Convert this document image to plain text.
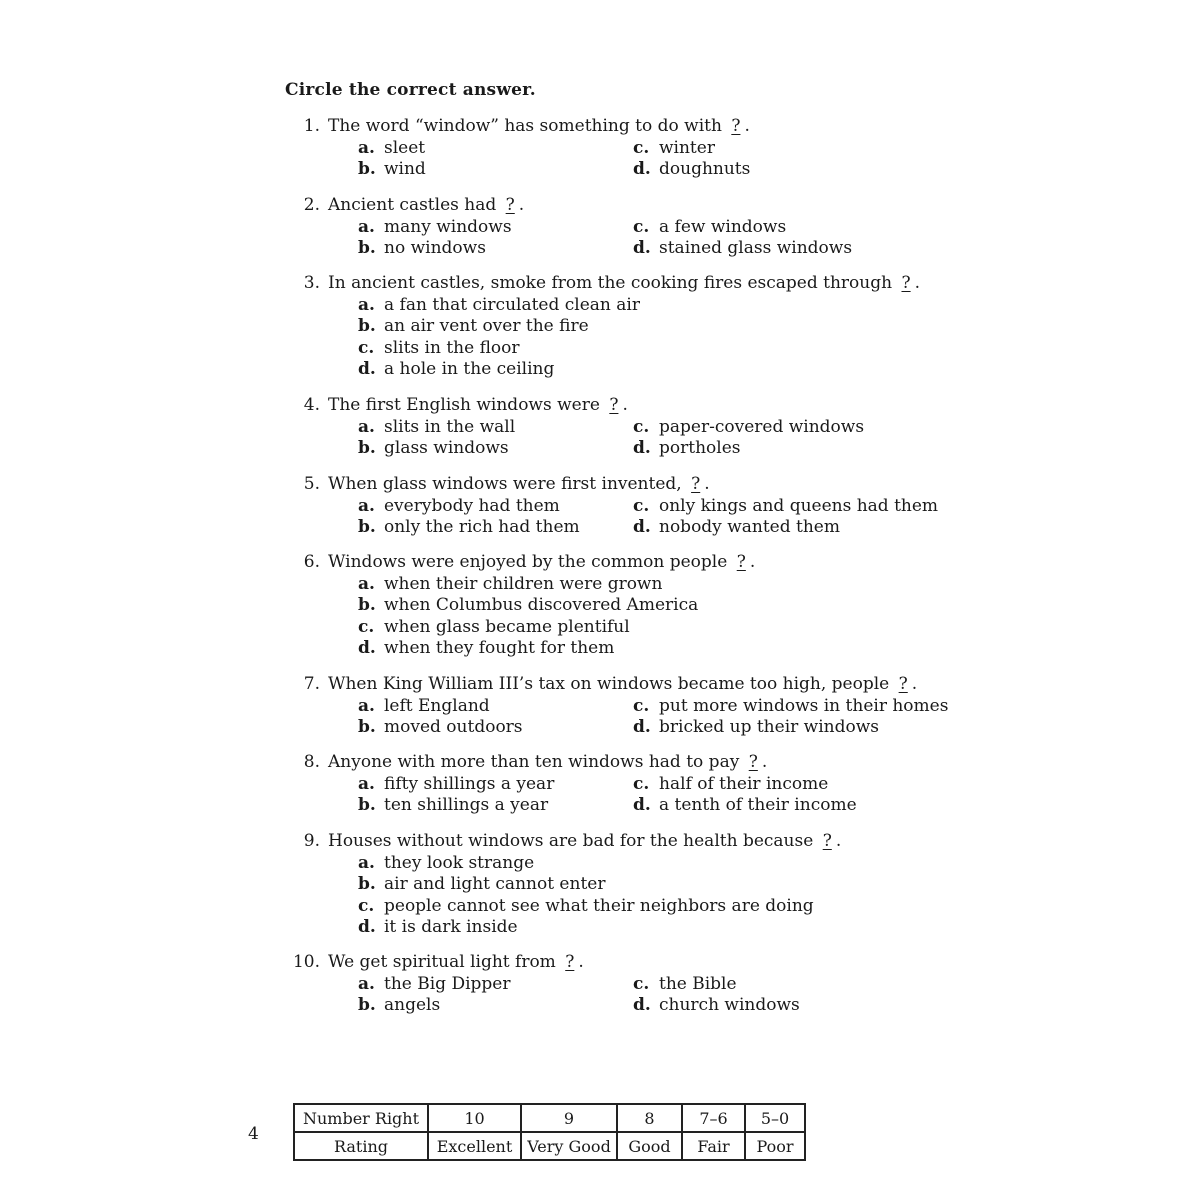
Circle the correct answer.
1. The word “window” has something to do with ? .
a. sleet	c. winter
b. wind	d. doughnuts
2. Ancient castles had ? .
a. many windows	c. a few windows
b. no windows	d. stained glass windows
3. In ancient castles, smoke from the cooking fires escaped through ? .
a. a fan that circulated clean air
b. an air vent over the fire
c. slits in the floor
d. a hole in the ceiling
4. The first English windows were ? .
a. slits in the wall	c. paper-covered windows
b. glass windows	d. portholes
5. When glass windows were first invented, ? .
a. everybody had them	c. only kings and queens had them
b. only the rich had them	d. nobody wanted them
6. Windows were enjoyed by the common people ? .
a. when their children were grown
b. when Columbus discovered America
c. when glass became plentiful
d. when they fought for them
7. When King William III’s tax on windows became too high, people ? .
a. left England	c. put more windows in their homes
b. moved outdoors	d. bricked up their windows
8. Anyone with more than ten windows had to pay ? .
a. fifty shillings a year	c. half of their income
b. ten shillings a year	d. a tenth of their income
9. Houses without windows are bad for the health because ? .
a. they look strange
b. air and light cannot enter
c. people cannot see what their neighbors are doing
d. it is dark inside
10. We get spiritual light from ? .
a. the Big Dipper	c. the Bible
b. angels	d. church windows
4
Number Right	10	9	8	7–6	5–0
Rating	Excellent	Very Good	Good	Fair	Poor
